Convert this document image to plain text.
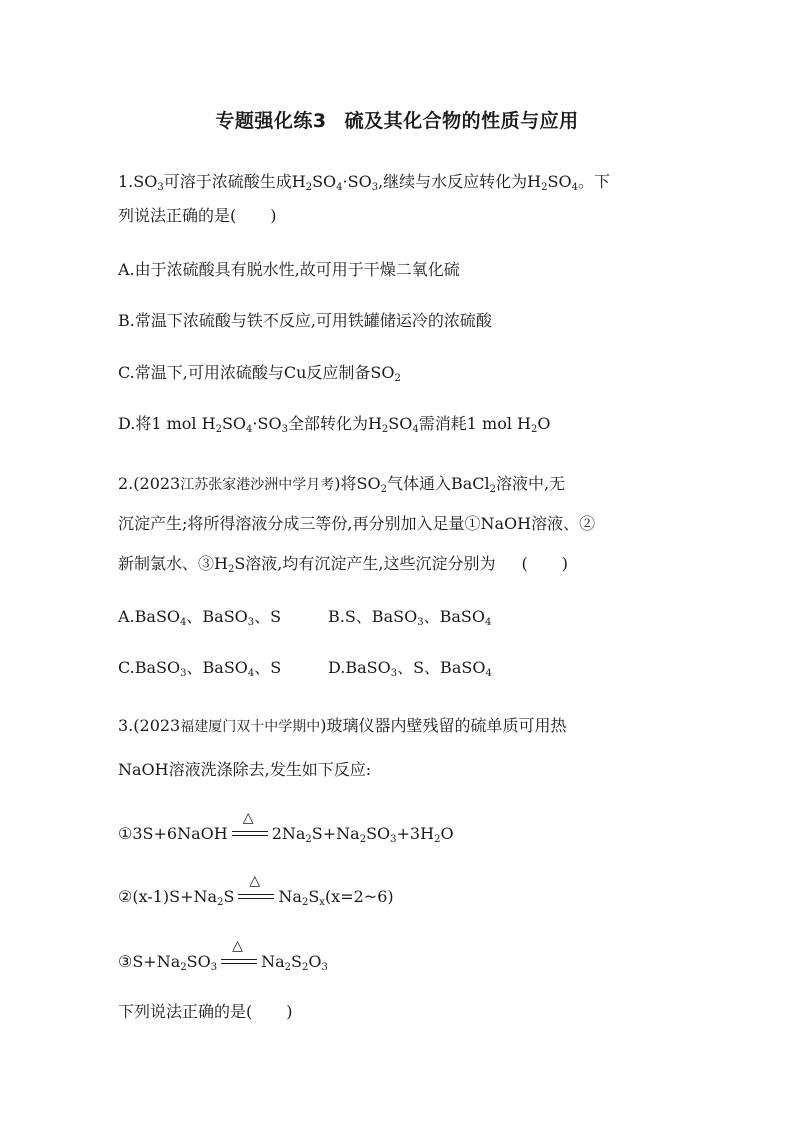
专题强化练3 硫及其化合物的性质与应用
$1.SO_3$可溶于浓硫酸生成$H_2SO_4\cdot SO_3$,继续与水反应转化为$H_2SO_4$。下
列说法正确的是( )
A.由于浓硫酸具有脱水性,故可用于干燥二氧化硫
B.常温下浓硫酸与铁不反应,可用铁罐储运冷的浓硫酸
C.常温下,可用浓硫酸与Cu反应制备$SO_2$
D.将1 mol $H_2SO_4\cdot SO_3$全部转化为$H_2SO_4$需消耗1 mol $H_2O$
2.(2023江苏张家港沙洲中学月考)将$SO_2$气体通入BaCl$_2$溶液中,无
沉淀产生;将所得溶液分成三等份,再分别加入足量①NaOH溶液、②
新制氯水、$③H_2S$溶液,均有沉淀产生,这些沉淀分别为 ( )
A.BaSO$_4$、BaSO$_3$、S	B.S、BaSO$_3$、BaSO$_4$
C.BaSO$_3$、BaSO$_4$、S	D.BaSO$_3$、S、BaSO$_4$
3.(2023福建厦门双十中学期中)玻璃仪器内壁残留的硫单质可用热
NaOH溶液洗涤除去,发生如下反应:
①3S+6NaOH
△
$2Na_2S+Na_2SO_3+3H_2O$
$②(x-1)S+Na_2S$
△
$Na_2S_x(x=2\sim 6)$
$③S+Na_2SO_3$
△
$Na_2S_2O_3$
下列说法正确的是( )
